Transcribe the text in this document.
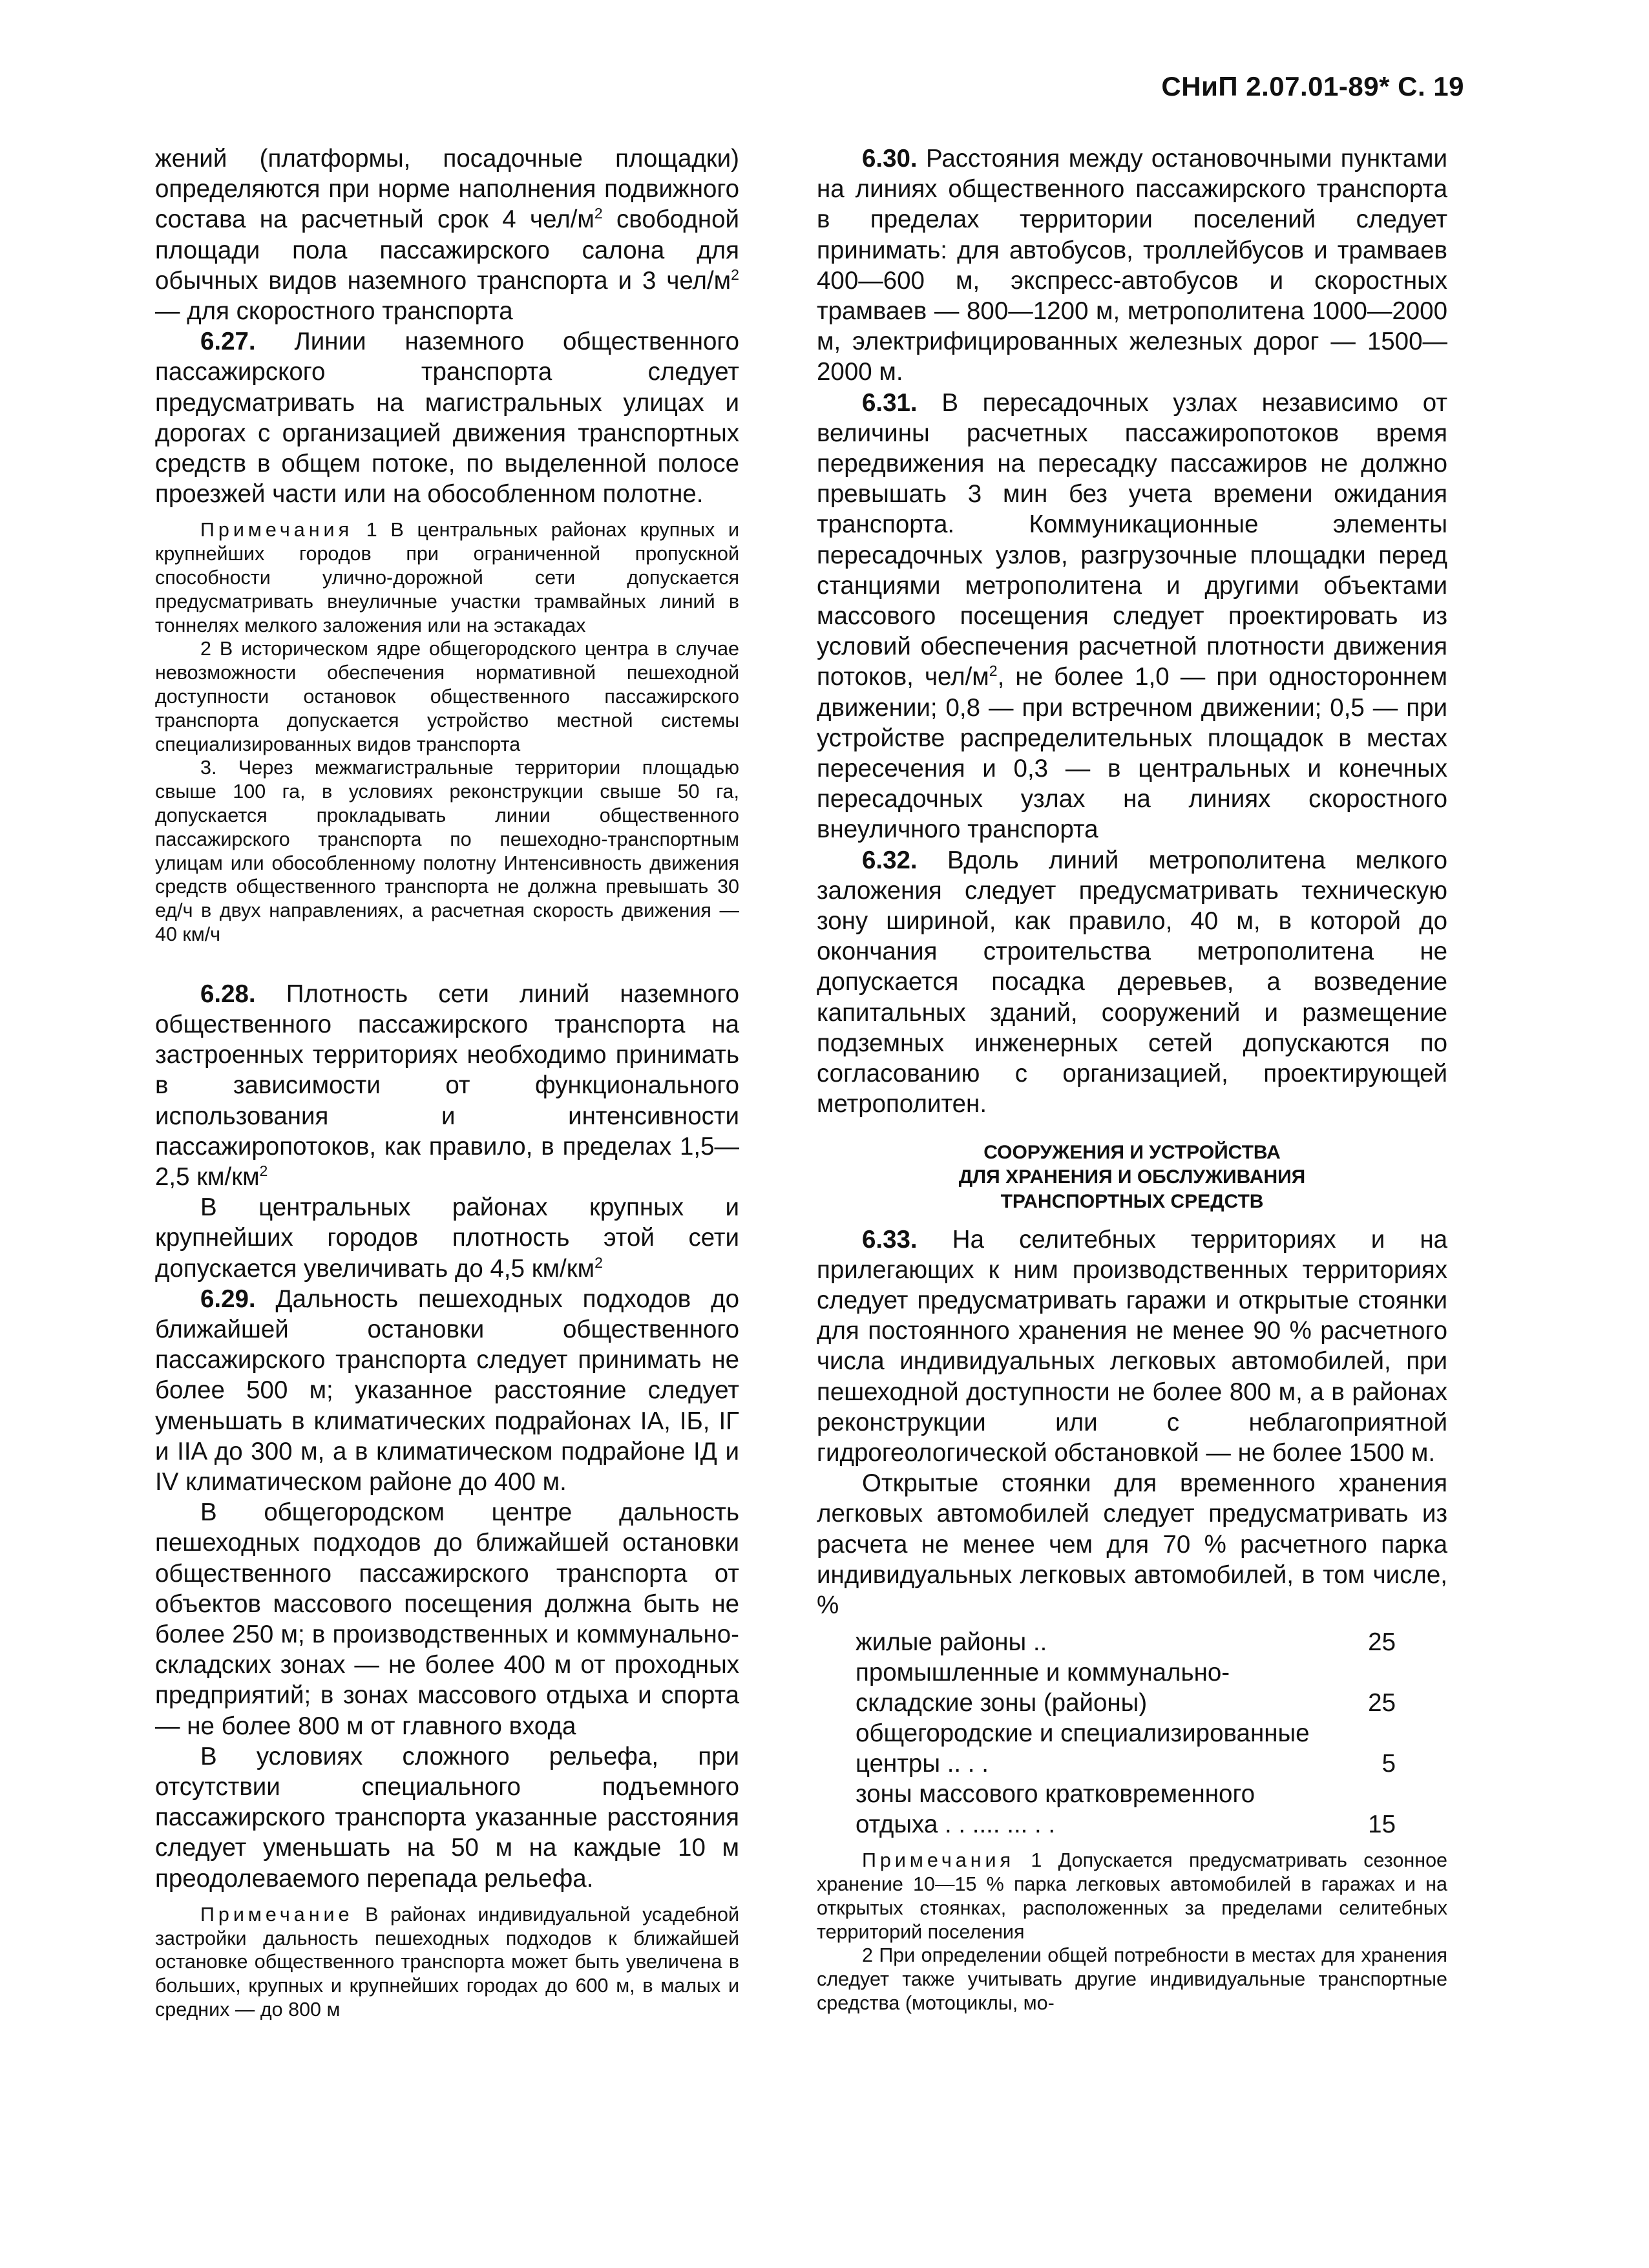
СНиП 2.07.01-89* С. 19

жений (платформы, посадочные площадки) определяются при норме наполнения подвижного состава на расчетный срок 4 чел/$м^2$ свободной площади пола пассажирского салона для обычных видов наземного транспорта и 3 чел/$м^2$ — для скоростного транспорта

6.27. Линии наземного общественного пассажирского транспорта следует предусматривать на магистральных улицах и дорогах с организацией движения транспортных средств в общем потоке, по выделенной полосе проезжей части или на обособленном полотне.

Примечания 1 В центральных районах крупных и крупнейших городов при ограниченной пропускной способности улично-дорожной сети допускается предусматривать внеуличные участки трамвайных линий в тоннелях мелкого заложения или на эстакадах

2 В историческом ядре общегородского центра в случае невозможности обеспечения нормативной пешеходной доступности остановок общественного пассажирского транспорта допускается устройство местной системы специализированных видов транспорта

3. Через межмагистральные территории площадью свыше 100 га, в условиях реконструкции свыше 50 га, допускается прокладывать линии общественного пассажирского транспорта по пешеходно-транспортным улицам или обособленному полотну Интенсивность движения средств общественного транспорта не должна превышать 30 ед/ч в двух направлениях, а расчетная скорость движения — 40 км/ч

6.28. Плотность сети линий наземного общественного пассажирского транспорта на застроенных территориях необходимо принимать в зависимости от функционального использования и интенсивности пассажиропотоков, как правило, в пределах 1,5—2,5 $км/км^2$

В центральных районах крупных и крупнейших городов плотность этой сети допускается увеличивать до 4,5 $км/км^2$

6.29. Дальность пешеходных подходов до ближайшей остановки общественного пассажирского транспорта следует принимать не более 500 м; указанное расстояние следует уменьшать в климатических подрайонах IA, IБ, IГ и IIA до 300 м, а в климатическом подрайоне IД и IV климатическом районе до 400 м.

В общегородском центре дальность пешеходных подходов до ближайшей остановки общественного пассажирского транспорта от объектов массового посещения должна быть не более 250 м; в производственных и коммунально-складских зонах — не более 400 м от проходных предприятий; в зонах массового отдыха и спорта — не более 800 м от главного входа

В условиях сложного рельефа, при отсутствии специального подъемного пассажирского транспорта указанные расстояния следует уменьшать на 50 м на каждые 10 м преодолеваемого перепада рельефа.

Примечание В районах индивидуальной усадебной застройки дальность пешеходных подходов к ближайшей остановке общественного транспорта может быть увеличена в больших, крупных и крупнейших городах до 600 м, в малых и средних — до 800 м

6.30. Расстояния между остановочными пунктами на линиях общественного пассажирского транспорта в пределах территории поселений следует принимать: для автобусов, троллейбусов и трамваев 400—600 м, экспресс-автобусов и скоростных трамваев — 800—1200 м, метрополитена 1000—2000 м, электрифицированных железных дорог — 1500—2000 м.

6.31. В пересадочных узлах независимо от величины расчетных пассажиропотоков время передвижения на пересадку пассажиров не должно превышать 3 мин без учета времени ожидания транспорта. Коммуникационные элементы пересадочных узлов, разгрузочные площадки перед станциями метрополитена и другими объектами массового посещения следует проектировать из условий обеспечения расчетной плотности движения потоков, чел/$м^2$, не более 1,0 — при одностороннем движении; 0,8 — при встречном движении; 0,5 — при устройстве распределительных площадок в местах пересечения и 0,3 — в центральных и конечных пересадочных узлах на линиях скоростного внеуличного транспорта

6.32. Вдоль линий метрополитена мелкого заложения следует предусматривать техническую зону шириной, как правило, 40 м, в которой до окончания строительства метрополитена не допускается посадка деревьев, а возведение капитальных зданий, сооружений и размещение подземных инженерных сетей допускаются по согласованию с организацией, проектирующей метрополитен.

СООРУЖЕНИЯ И УСТРОЙСТВА
ДЛЯ ХРАНЕНИЯ И ОБСЛУЖИВАНИЯ
ТРАНСПОРТНЫХ СРЕДСТВ

6.33. На селитебных территориях и на прилегающих к ним производственных территориях следует предусматривать гаражи и открытые стоянки для постоянного хранения не менее 90 % расчетного числа индивидуальных легковых автомобилей, при пешеходной доступности не более 800 м, а в районах реконструкции или с неблагоприятной гидрогеологической обстановкой — не более 1500 м.

Открытые стоянки для временного хранения легковых автомобилей следует предусматривать из расчета не менее чем для 70 % расчетного парка индивидуальных легковых автомобилей, в том числе, %

жилые районы ..	25
промышленные и коммунально-складские зоны (районы)	25
общегородские и специализированные центры .. . .	5
зоны массового кратковременного отдыха . . .... ... . .	15

Примечания 1 Допускается предусматривать сезонное хранение 10—15 % парка легковых автомобилей в гаражах и на открытых стоянках, расположенных за пределами селитебных территорий поселения

2 При определении общей потребности в местах для хранения следует также учитывать другие индивидуальные транспортные средства (мотоциклы, мо-
